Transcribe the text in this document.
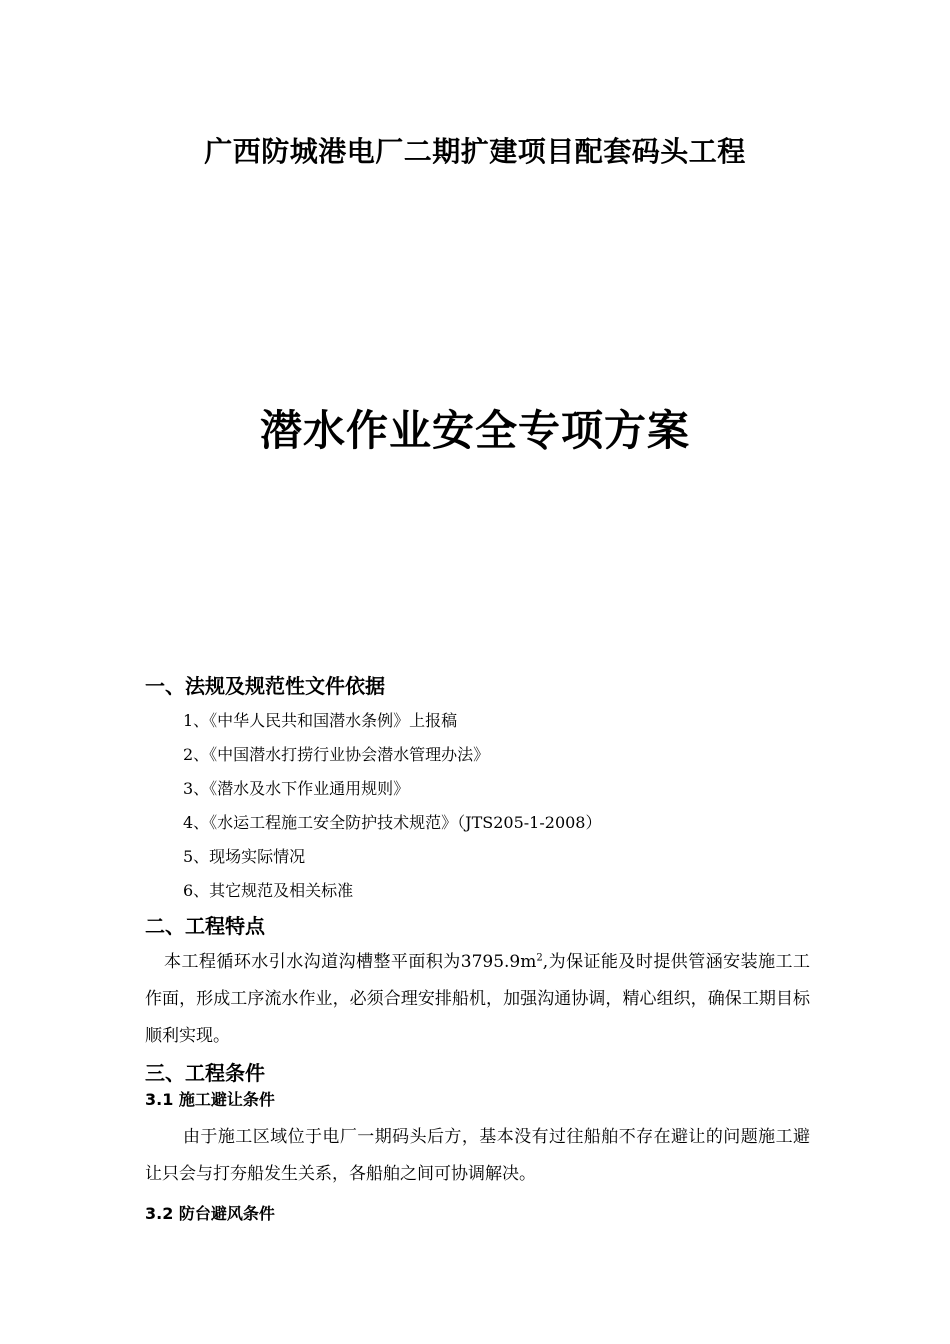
广西防城港电厂二期扩建项目配套码头工程
潜水作业安全专项方案
一、法规及规范性文件依据
1、《中华人民共和国潜水条例》上报稿
2、《中国潜水打捞行业协会潜水管理办法》
3、《潜水及水下作业通用规则》
4、《水运工程施工安全防护技术规范》（JTS205-1-2008）
5、现场实际情况
6、其它规范及相关标准
二、工程特点
本工程循环水引水沟道沟槽整平面积为$3795.9m^2$,为保证能及时提供管涵安装施工工作面，形成工序流水作业，必须合理安排船机，加强沟通协调，精心组织，确保工期目标顺利实现。
三、工程条件
3.1 施工避让条件
由于施工区域位于电厂一期码头后方，基本没有过往船舶不存在避让的问题施工避让只会与打夯船发生关系，各船舶之间可协调解决。
3.2 防台避风条件
